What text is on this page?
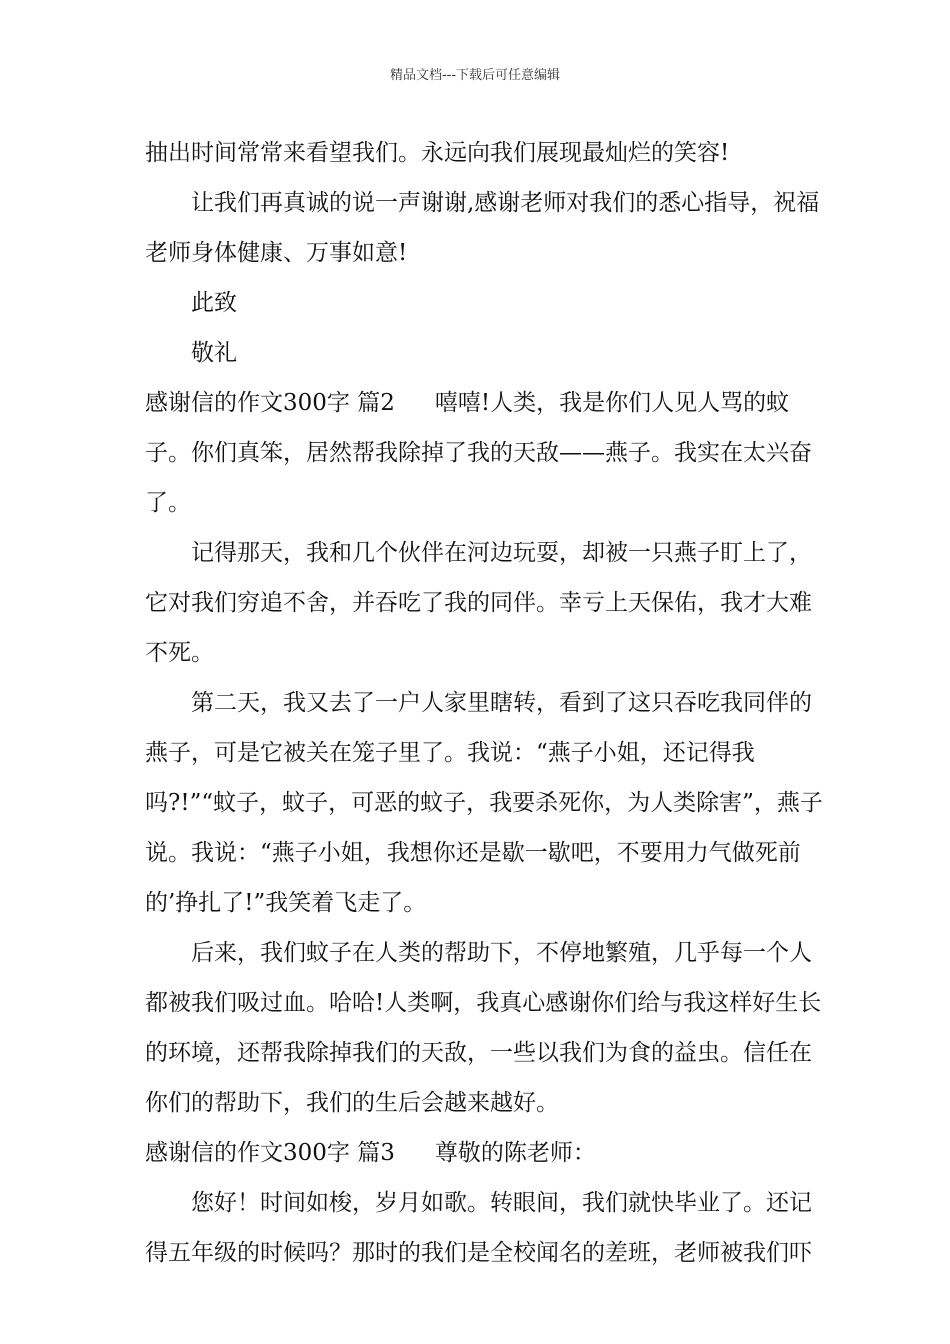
精品文档---下载后可任意编辑

抽出时间常常来看望我们。永远向我们展现最灿烂的笑容!

让我们再真诚的说一声谢谢,感谢老师对我们的悉心指导，祝福老师身体健康、万事如意!

此致

敬礼

感谢信的作文300字 篇2 嘻嘻!人类，我是你们人见人骂的蚊子。你们真笨，居然帮我除掉了我的天敌——燕子。我实在太兴奋了。

记得那天，我和几个伙伴在河边玩耍，却被一只燕子盯上了，它对我们穷追不舍，并吞吃了我的同伴。幸亏上天保佑，我才大难不死。

第二天，我又去了一户人家里瞎转，看到了这只吞吃我同伴的燕子，可是它被关在笼子里了。我说：“燕子小姐，还记得我吗?!”“蚊子，蚊子，可恶的蚊子，我要杀死你，为人类除害”，燕子说。我说：“燕子小姐，我想你还是歇一歇吧，不要用力气做死前的’挣扎了!”我笑着飞走了。

后来，我们蚊子在人类的帮助下，不停地繁殖，几乎每一个人都被我们吸过血。哈哈!人类啊，我真心感谢你们给与我这样好生长的环境，还帮我除掉我们的天敌，一些以我们为食的益虫。信任在你们的帮助下，我们的生后会越来越好。

感谢信的作文300字 篇3 尊敬的陈老师：

您好！时间如梭，岁月如歌。转眼间，我们就快毕业了。还记得五年级的时候吗？那时的我们是全校闻名的差班，老师被我们吓
